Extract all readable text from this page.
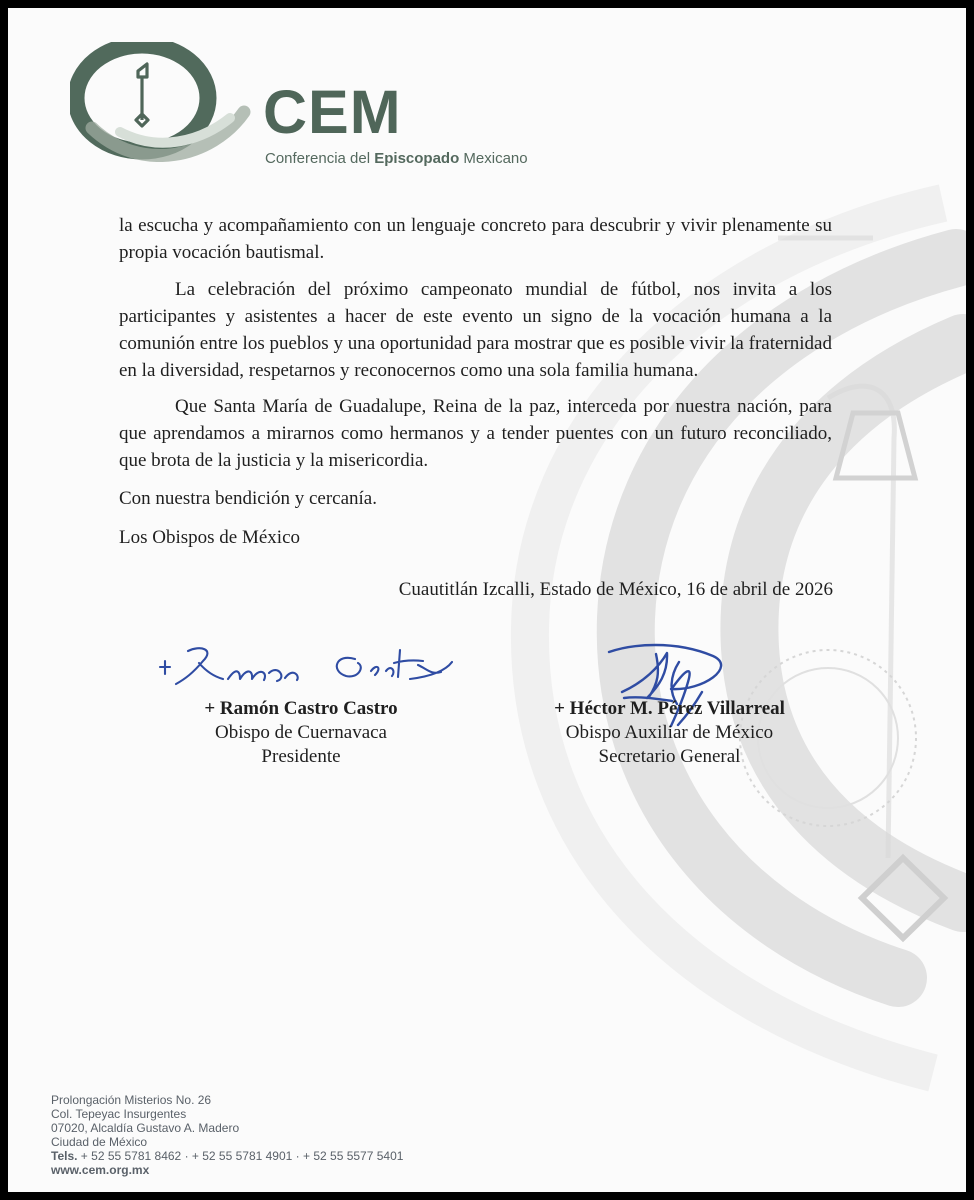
CEM
Conferencia del Episcopado Mexicano

la escucha y acompañamiento con un lenguaje concreto para descubrir y vivir plenamente su propia vocación bautismal.

La celebración del próximo campeonato mundial de fútbol, nos invita a los participantes y asistentes a hacer de este evento un signo de la vocación humana a la comunión entre los pueblos y una oportunidad para mostrar que es posible vivir la fraternidad en la diversidad, respetarnos y reconocernos como una sola familia humana.

Que Santa María de Guadalupe, Reina de la paz, interceda por nuestra nación, para que aprendamos a mirarnos como hermanos y a tender puentes con un futuro reconciliado, que brota de la justicia y la misericordia.

Con nuestra bendición y cercanía.

Los Obispos de México

Cuautitlán Izcalli, Estado de México, 16 de abril de 2026
+ Ramón Castro Castro
Obispo de Cuernavaca
Presidente
+ Héctor M. Pérez Villarreal
Obispo Auxiliar de México
Secretario General
Prolongación Misterios No. 26
Col. Tepeyac Insurgentes
07020, Alcaldía Gustavo A. Madero
Ciudad de México
Tels. + 52 55 5781 8462 · + 52 55 5781 4901 · + 52 55 5577 5401
www.cem.org.mx
